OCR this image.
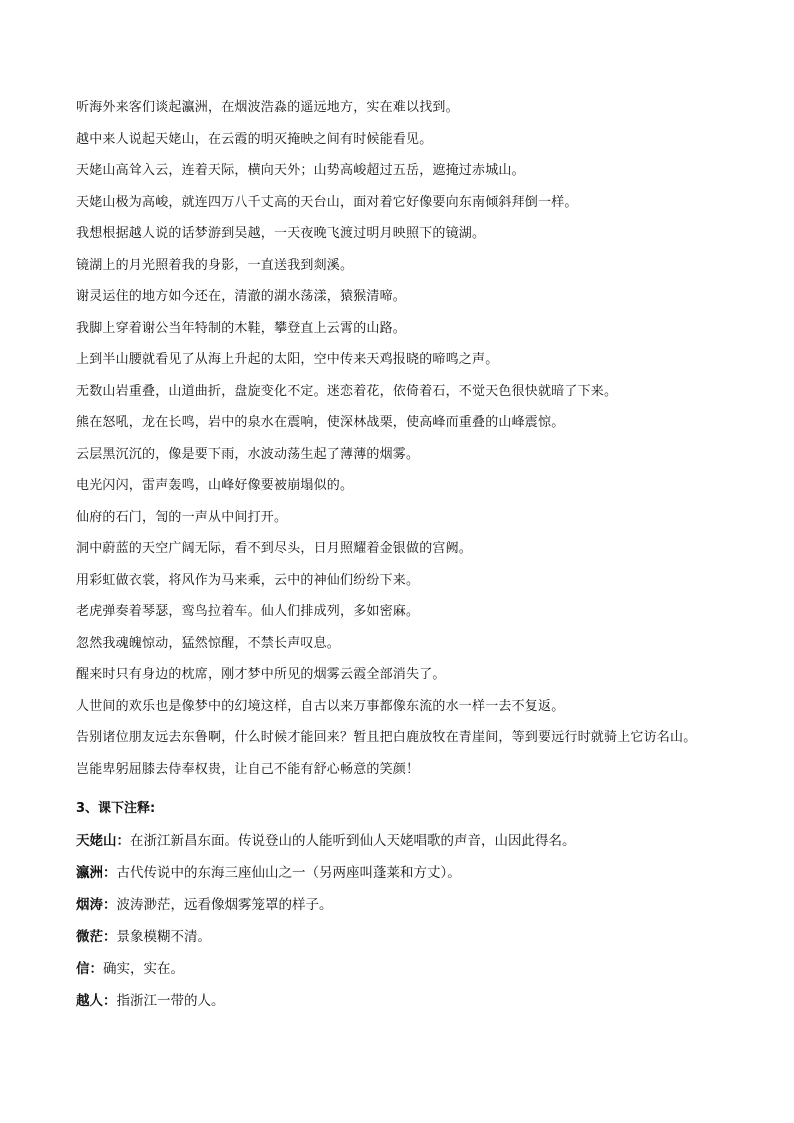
听海外来客们谈起瀛洲，在烟波浩淼的遥远地方，实在难以找到。
越中来人说起天姥山，在云霞的明灭掩映之间有时候能看见。
天姥山高耸入云，连着天际，横向天外；山势高峻超过五岳，遮掩过赤城山。
天姥山极为高峻，就连四万八千丈高的天台山，面对着它好像要向东南倾斜拜倒一样。
我想根据越人说的话梦游到吴越，一天夜晚飞渡过明月映照下的镜湖。
镜湖上的月光照着我的身影，一直送我到剡溪。
谢灵运住的地方如今还在，清澈的湖水荡漾，猿猴清啼。
我脚上穿着谢公当年特制的木鞋，攀登直上云霄的山路。
上到半山腰就看见了从海上升起的太阳，空中传来天鸡报晓的啼鸣之声。
无数山岩重叠，山道曲折，盘旋变化不定。迷恋着花，依倚着石，不觉天色很快就暗了下来。
熊在怒吼，龙在长鸣，岩中的泉水在震响，使深林战栗，使高峰而重叠的山峰震惊。
云层黑沉沉的，像是要下雨，水波动荡生起了薄薄的烟雾。
电光闪闪，雷声轰鸣，山峰好像要被崩塌似的。
仙府的石门，訇的一声从中间打开。
洞中蔚蓝的天空广阔无际，看不到尽头，日月照耀着金银做的宫阙。
用彩虹做衣裳，将风作为马来乘，云中的神仙们纷纷下来。
老虎弹奏着琴瑟，鸾鸟拉着车。仙人们排成列，多如密麻。
忽然我魂魄惊动，猛然惊醒，不禁长声叹息。
醒来时只有身边的枕席，刚才梦中所见的烟雾云霞全部消失了。
人世间的欢乐也是像梦中的幻境这样，自古以来万事都像东流的水一样一去不复返。
告别诸位朋友远去东鲁啊，什么时候才能回来？暂且把白鹿放牧在青崖间，等到要远行时就骑上它访名山。
岂能卑躬屈膝去侍奉权贵，让自己不能有舒心畅意的笑颜！
3、课下注释:
天姥山：在浙江新昌东面。传说登山的人能听到仙人天姥唱歌的声音，山因此得名。
瀛洲：古代传说中的东海三座仙山之一（另两座叫蓬莱和方丈）。
烟涛：波涛渺茫，远看像烟雾笼罩的样子。
微茫：景象模糊不清。
信：确实，实在。
越人：指浙江一带的人。
